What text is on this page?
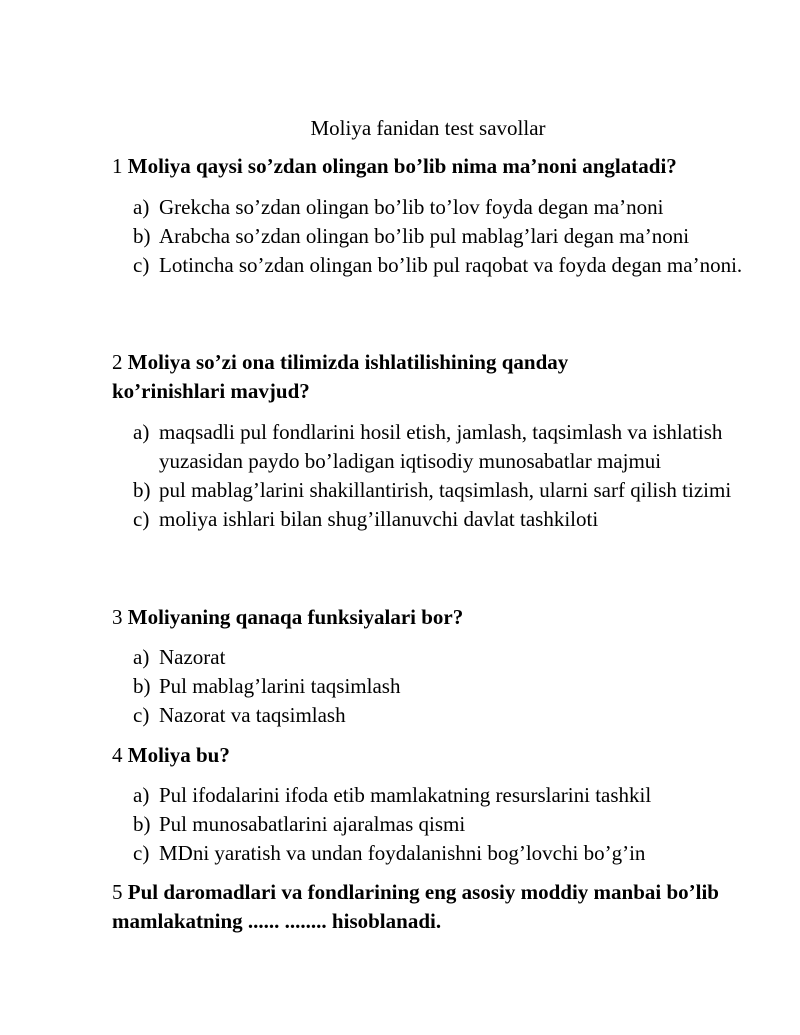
Moliya fanidan test savollar
1 Moliya qaysi so’zdan olingan bo’lib nima ma’noni anglatadi?
a) Grekcha so’zdan olingan bo’lib to’lov foyda degan ma’noni
b) Arabcha so’zdan olingan bo’lib pul mablag’lari degan ma’noni
c) Lotincha so’zdan olingan bo’lib pul raqobat va foyda degan ma’noni.
2 Moliya so’zi ona tilimizda ishlatilishining qanday ko’rinishlari mavjud?
a) maqsadli pul fondlarini hosil etish, jamlash, taqsimlash va ishlatish yuzasidan paydo bo’ladigan iqtisodiy munosabatlar majmui
b) pul mablag’larini shakillantirish, taqsimlash, ularni sarf qilish tizimi
c) moliya ishlari bilan shug’illanuvchi davlat tashkiloti
3 Moliyaning qanaqa funksiyalari bor?
a) Nazorat
b) Pul mablag’larini taqsimlash
c) Nazorat va taqsimlash
4 Moliya bu?
a) Pul ifodalarini ifoda etib mamlakatning resurslarini tashkil
b) Pul munosabatlarini ajaralmas qismi
c) MDni yaratish va undan foydalanishni bog’lovchi bo’g’in
5 Pul daromadlari va fondlarining eng asosiy moddiy manbai bo’lib mamlakatning ...... ........ hisoblanadi.
